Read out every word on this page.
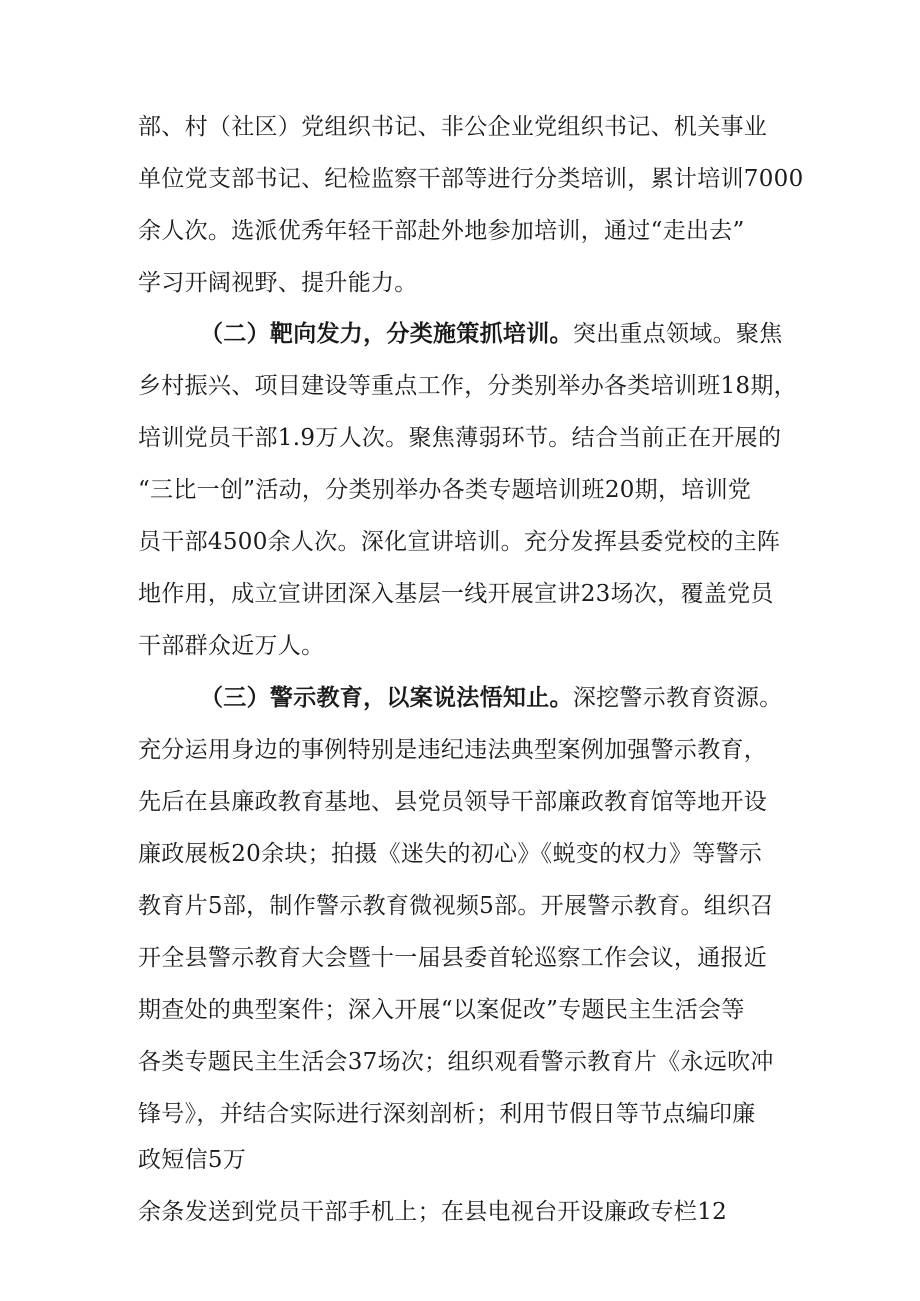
部、村（社区）党组织书记、非公企业党组织书记、机关事业
单位党支部书记、纪检监察干部等进行分类培训，累计培训7000
余人次。选派优秀年轻干部赴外地参加培训，通过“走出去”
学习开阔视野、提升能力。
（二）靶向发力，分类施策抓培训。突出重点领域。聚焦
乡村振兴、项目建设等重点工作，分类别举办各类培训班18期，
培训党员干部1.9万人次。聚焦薄弱环节。结合当前正在开展的
“三比一创”活动，分类别举办各类专题培训班20期，培训党
员干部4500余人次。深化宣讲培训。充分发挥县委党校的主阵
地作用，成立宣讲团深入基层一线开展宣讲23场次，覆盖党员
干部群众近万人。
（三）警示教育，以案说法悟知止。深挖警示教育资源。
充分运用身边的事例特别是违纪违法典型案例加强警示教育，
先后在县廉政教育基地、县党员领导干部廉政教育馆等地开设
廉政展板20余块；拍摄《迷失的初心》《蜕变的权力》等警示
教育片5部，制作警示教育微视频5部。开展警示教育。组织召
开全县警示教育大会暨十一届县委首轮巡察工作会议，通报近
期查处的典型案件；深入开展“以案促改”专题民主生活会等
各类专题民主生活会37场次；组织观看警示教育片《永远吹冲
锋号》，并结合实际进行深刻剖析；利用节假日等节点编印廉
政短信5万
余条发送到党员干部手机上；在县电视台开设廉政专栏12
